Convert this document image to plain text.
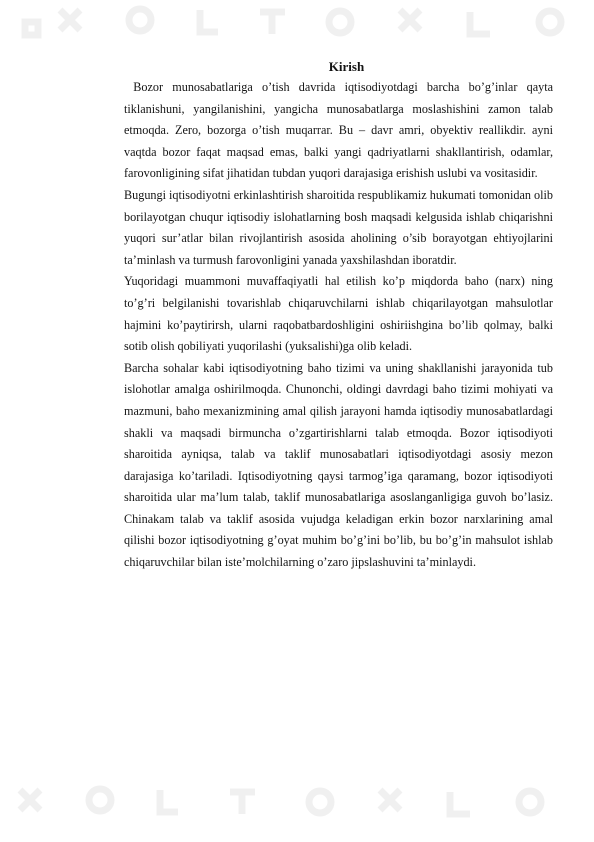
Kirish

Bozor munosabatlariga o’tish davrida iqtisodiyotdagi barcha bo’g’inlar qayta tiklanishuni, yangilanishini, yangicha munosabatlarga moslashishini zamon talab etmoqda. Zero, bozorga o’tish muqarrar. Bu – davr amri, obyektiv reallikdir. ayni vaqtda bozor faqat maqsad emas, balki yangi qadriyatlarni shakllantirish, odamlar, farovonligining sifat jihatidan tubdan yuqori darajasiga erishish uslubi va vositasidir.

Bugungi iqtisodiyotni erkinlashtirish sharoitida respublikamiz hukumati tomonidan olib borilayotgan chuqur iqtisodiy islohatlarning bosh maqsadi kelgusida ishlab chiqarishni yuqori sur’atlar bilan rivojlantirish asosida aholining o’sib borayotgan ehtiyojlarini ta’minlash va turmush farovonligini yanada yaxshilashdan iboratdir.

Yuqoridagi muammoni muvaffaqiyatli hal etilish ko’p miqdorda baho (narx) ning to’g’ri belgilanishi tovarishlab chiqaruvchilarni ishlab chiqarilayotgan mahsulotlar hajmini ko’paytirirsh, ularni raqobatbardoshligini oshiriishgina bo’lib qolmay, balki sotib olish qobiliyati yuqorilashi (yuksalishi)ga olib keladi.

Barcha sohalar kabi iqtisodiyotning baho tizimi va uning shakllanishi jarayonida tub islohotlar amalga oshirilmoqda. Chunonchi, oldingi davrdagi baho tizimi mohiyati va mazmuni, baho mexanizmining amal qilish jarayoni hamda iqtisodiy munosabatlardagi shakli va maqsadi birmuncha o’zgartirishlarni talab etmoqda. Bozor iqtisodiyoti sharoitida ayniqsa, talab va taklif munosabatlari iqtisodiyotdagi asosiy mezon darajasiga ko’tariladi. Iqtisodiyotning qaysi tarmog’iga qaramang, bozor iqtisodiyoti sharoitida ular ma’lum talab, taklif munosabatlariga asoslanganligiga guvoh bo’lasiz. Chinakam talab va taklif asosida vujudga keladigan erkin bozor narxlarining amal qilishi bozor iqtisodiyotning g’oyat muhim bo’g’ini bo’lib, bu bo’g’in mahsulot ishlab chiqaruvchilar bilan iste’molchilarning o’zaro jipslashuvini ta’minlaydi.
